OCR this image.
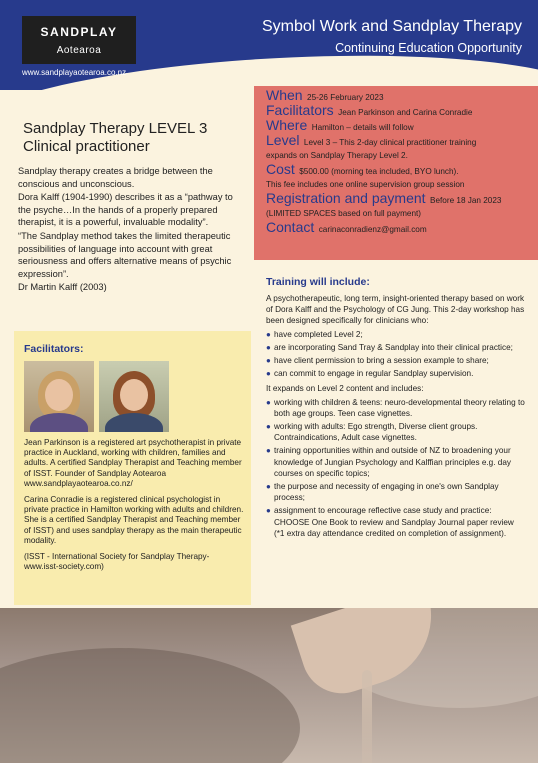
SANDPLAY
Aotearoa
www.sandplayaotearoa.co.nz
Symbol Work and Sandplay Therapy
Continuing Education Opportunity
Sandplay Therapy LEVEL 3
Clinical practitioner

Sandplay therapy creates a bridge between the conscious and unconscious.

Dora Kalff (1904-1990) describes it as a “pathway to the psyche…In the hands of a properly prepared therapist, it is a powerful, invaluable modality”.

“The Sandplay method takes the limited therapeutic possibilities of language into account with great seriousness and offers alternative means of psychic expression”.

Dr Martin Kalff (2003)

Facilitators:

Jean Parkinson is a registered art psychotherapist in private practice in Auckland, working with children, families and adults. A certified Sandplay Therapist and Teaching member of ISST. Founder of Sandplay Aotearoa www.sandplayaotearoa.co.nz/

Carina Conradie is a registered clinical psychologist in private practice in Hamilton working with adults and children. She is a certified Sandplay Therapist and Teaching member of ISST) and uses sandplay therapy as the main therapeutic modality.

(ISST - International Society for Sandplay Therapy- www.isst-society.com)

When 25-26 February 2023
Facilitators Jean Parkinson and Carina Conradie
Where Hamilton – details will follow
Level Level 3 – This 2-day clinical practitioner training
expands on Sandplay Therapy Level 2.
Cost $500.00 (morning tea included, BYO lunch).
This fee includes one online supervision group session
Registration and payment Before 18 Jan 2023
(LIMITED SPACES based on full payment)
Contact carinaconradienz@gmail.com
Training will include:

A psychotherapeutic, long term, insight-oriented therapy based on work of Dora Kalff and the Psychology of CG Jung. This 2-day workshop has been designed specifically for clinicians who:

● have completed Level 2;
● are incorporating Sand Tray & Sandplay into their clinical practice;
● have client permission to bring a session example to share;
● can commit to engage in regular Sandplay supervision.

It expands on Level 2 content and includes:

● working with children & teens: neuro-developmental theory relating to both age groups. Teen case vignettes.
● working with adults: Ego strength, Diverse client groups. Contraindications, Adult case vignettes.
● training opportunities within and outside of NZ to broadening your knowledge of Jungian Psychology and Kalffian principles e.g. day courses on specific topics;
● the purpose and necessity of engaging in one's own Sandplay process;
● assignment to encourage reflective case study and practice: CHOOSE One Book to review and Sandplay Journal paper review (*1 extra day attendance credited on completion of assignment).
